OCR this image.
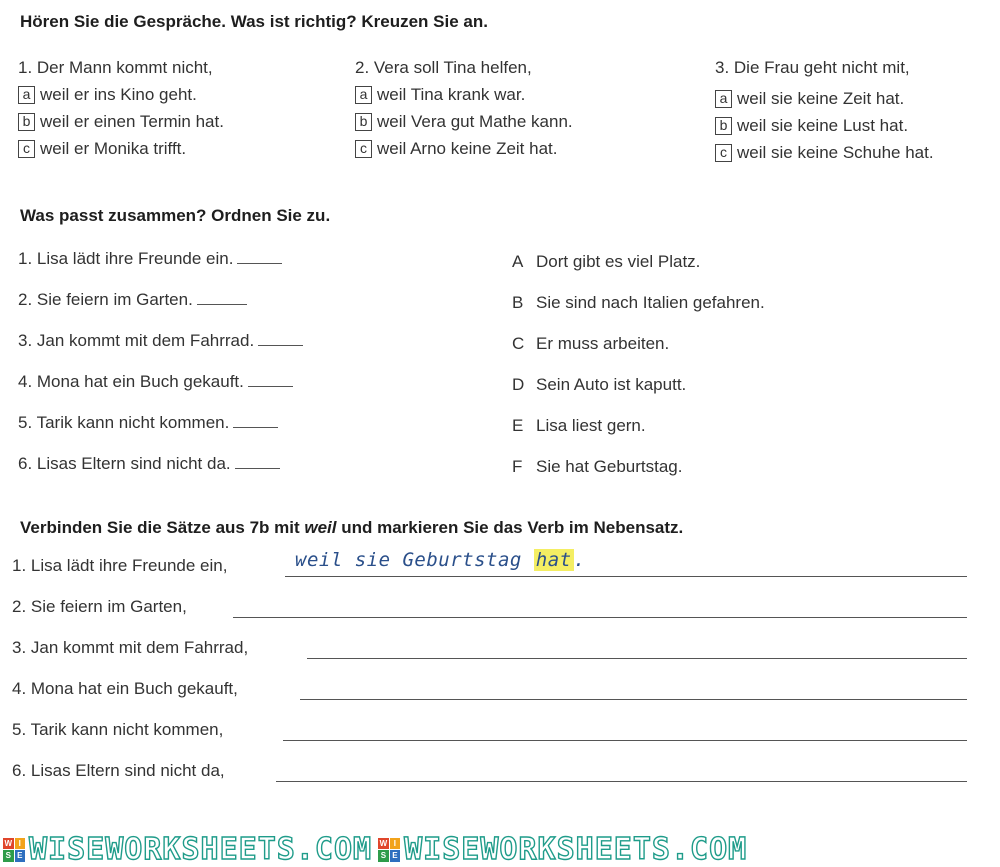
Hören Sie die Gespräche. Was ist richtig? Kreuzen Sie an.
1. Der Mann kommt nicht,
a weil er ins Kino geht.
b weil er einen Termin hat.
c weil er Monika trifft.
2. Vera soll Tina helfen,
a weil Tina krank war.
b weil Vera gut Mathe kann.
c weil Arno keine Zeit hat.
3. Die Frau geht nicht mit,
a weil sie keine Zeit hat.
b weil sie keine Lust hat.
c weil sie keine Schuhe hat.
Was passt zusammen? Ordnen Sie zu.
1. Lisa lädt ihre Freunde ein.	A Dort gibt es viel Platz.
2. Sie feiern im Garten.	B Sie sind nach Italien gefahren.
3. Jan kommt mit dem Fahrrad.	C Er muss arbeiten.
4. Mona hat ein Buch gekauft.	D Sein Auto ist kaputt.
5. Tarik kann nicht kommen.	E Lisa liest gern.
6. Lisas Eltern sind nicht da.	F Sie hat Geburtstag.
Verbinden Sie die Sätze aus 7b mit weil und markieren Sie das Verb im Nebensatz.
1. Lisa lädt ihre Freunde ein,
2. Sie feiern im Garten,
3. Jan kommt mit dem Fahrrad,
4. Mona hat ein Buch gekauft,
5. Tarik kann nicht kommen,
6. Lisas Eltern sind nicht da,
weil sie Geburtstag hat .
W I
S E WISEWORKSHEETS.COM W I
S E WISEWORKSHEETS.COM
